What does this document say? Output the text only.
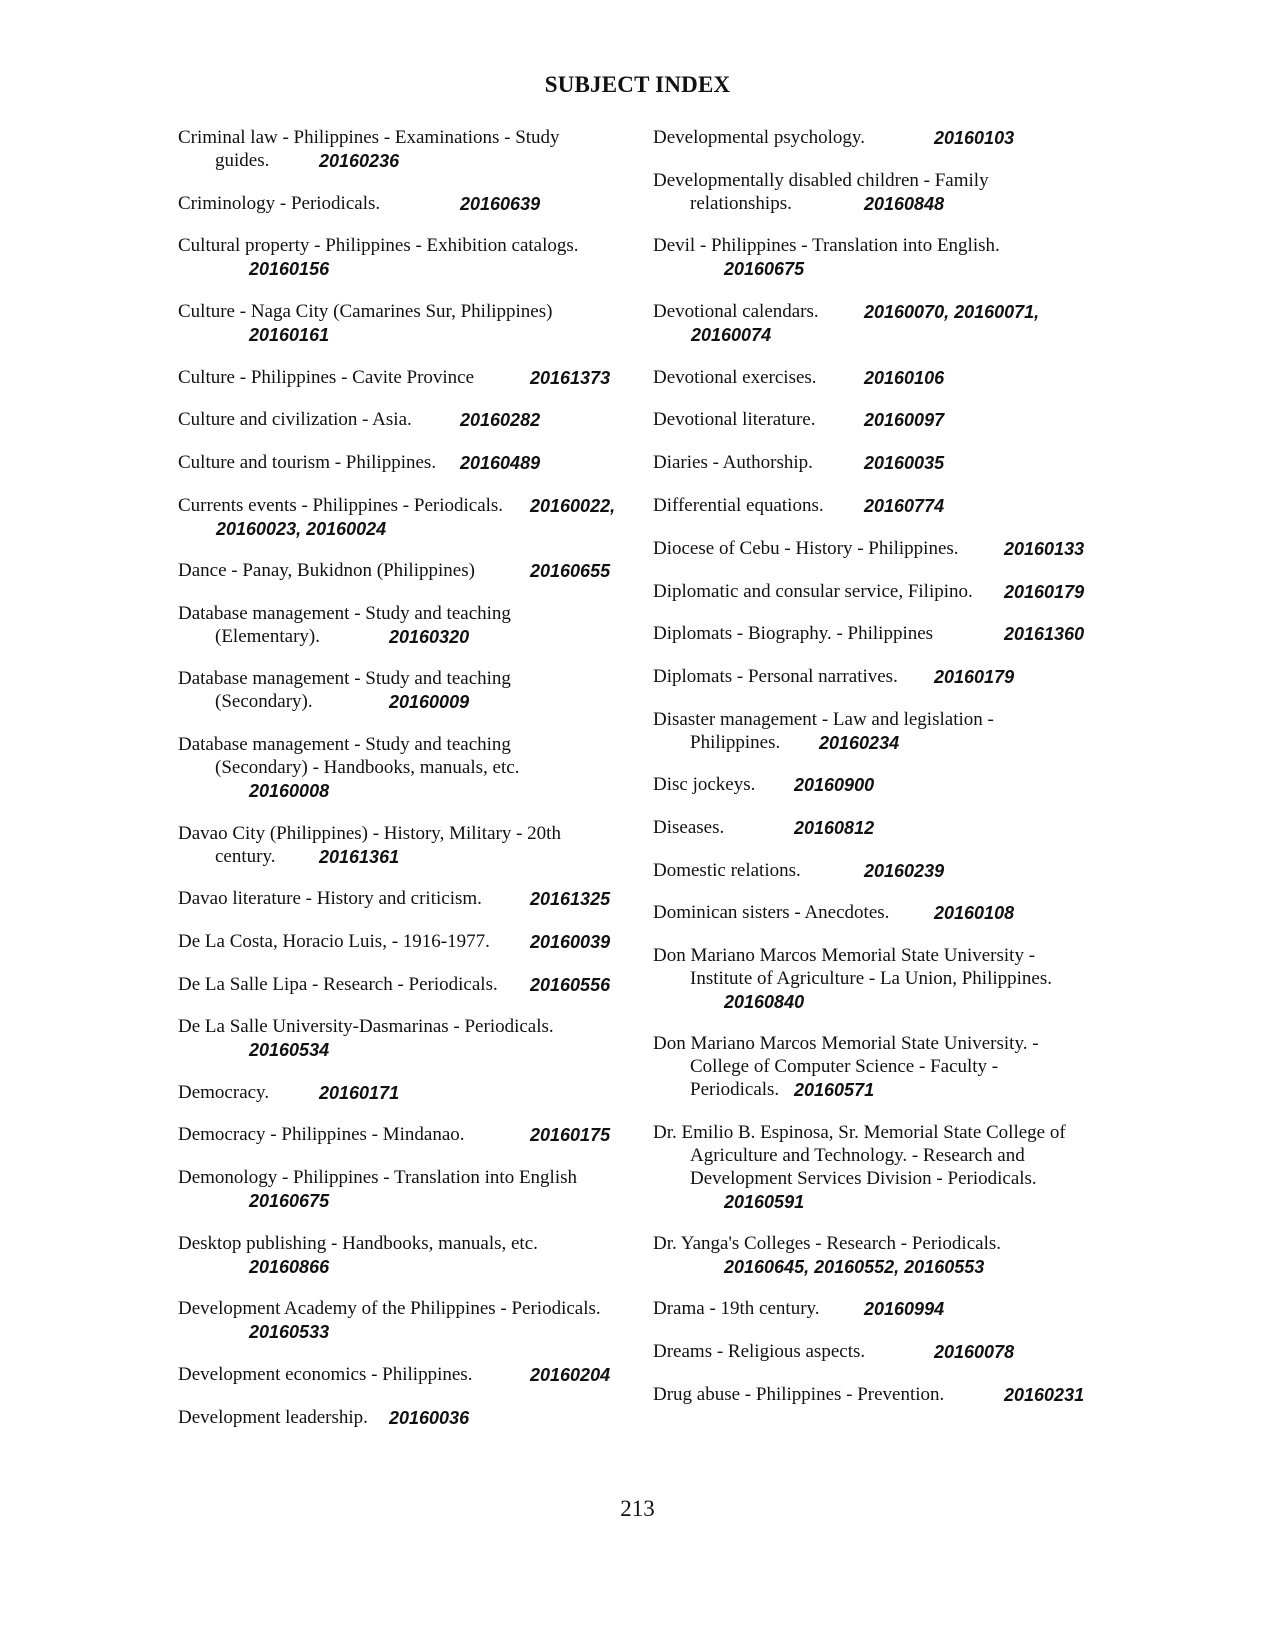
SUBJECT INDEX
Criminal law - Philippines - Examinations - Study
guides.	20160236
Criminology - Periodicals.	20160639
Cultural property - Philippines - Exhibition catalogs.
20160156
Culture - Naga City (Camarines Sur, Philippines)
20160161
Culture - Philippines - Cavite Province	20161373
Culture and civilization - Asia.	20160282
Culture and tourism - Philippines. 20160489
Currents events - Philippines - Periodicals. 20160022,
20160023, 20160024
Dance - Panay, Bukidnon (Philippines)	20160655
Database management - Study and teaching
(Elementary).	20160320
Database management - Study and teaching
(Secondary).	20160009
Database management - Study and teaching
(Secondary) - Handbooks, manuals, etc.
20160008
Davao City (Philippines) - History, Military - 20th
century. 20161361
Davao literature - History and criticism.	20161325
De La Costa, Horacio Luis, - 1916-1977. 20160039
De La Salle Lipa - Research - Periodicals. 20160556
De La Salle University-Dasmarinas - Periodicals.
20160534
Democracy.	20160171
Democracy - Philippines - Mindanao.	20160175
Demonology - Philippines - Translation into English
20160675
Desktop publishing - Handbooks, manuals, etc.
20160866
Development Academy of the Philippines - Periodicals.
20160533
Development economics - Philippines.	20160204
Development leadership. 20160036
Developmental psychology.	20160103
Developmentally disabled children - Family
relationships.	20160848
Devil - Philippines - Translation into English.
20160675
Devotional calendars.	20160070, 20160071,
20160074
Devotional exercises.	20160106
Devotional literature.	20160097
Diaries - Authorship.	20160035
Differential equations. 20160774
Diocese of Cebu - History - Philippines.	20160133
Diplomatic and consular service, Filipino. 20160179
Diplomats - Biography. - Philippines	20161360
Diplomats - Personal narratives. 20160179
Disaster management - Law and legislation -
Philippines. 20160234
Disc jockeys. 20160900
Diseases.	20160812
Domestic relations.	20160239
Dominican sisters - Anecdotes. 20160108
Don Mariano Marcos Memorial State University -
Institute of Agriculture - La Union, Philippines.
20160840
Don Mariano Marcos Memorial State University. -
College of Computer Science - Faculty -
Periodicals. 20160571
Dr. Emilio B. Espinosa, Sr. Memorial State College of
Agriculture and Technology. - Research and
Development Services Division - Periodicals.
20160591
Dr. Yanga's Colleges - Research - Periodicals.
20160645, 20160552, 20160553
Drama - 19th century. 20160994
Dreams - Religious aspects.	20160078
Drug abuse - Philippines - Prevention.	20160231
213
